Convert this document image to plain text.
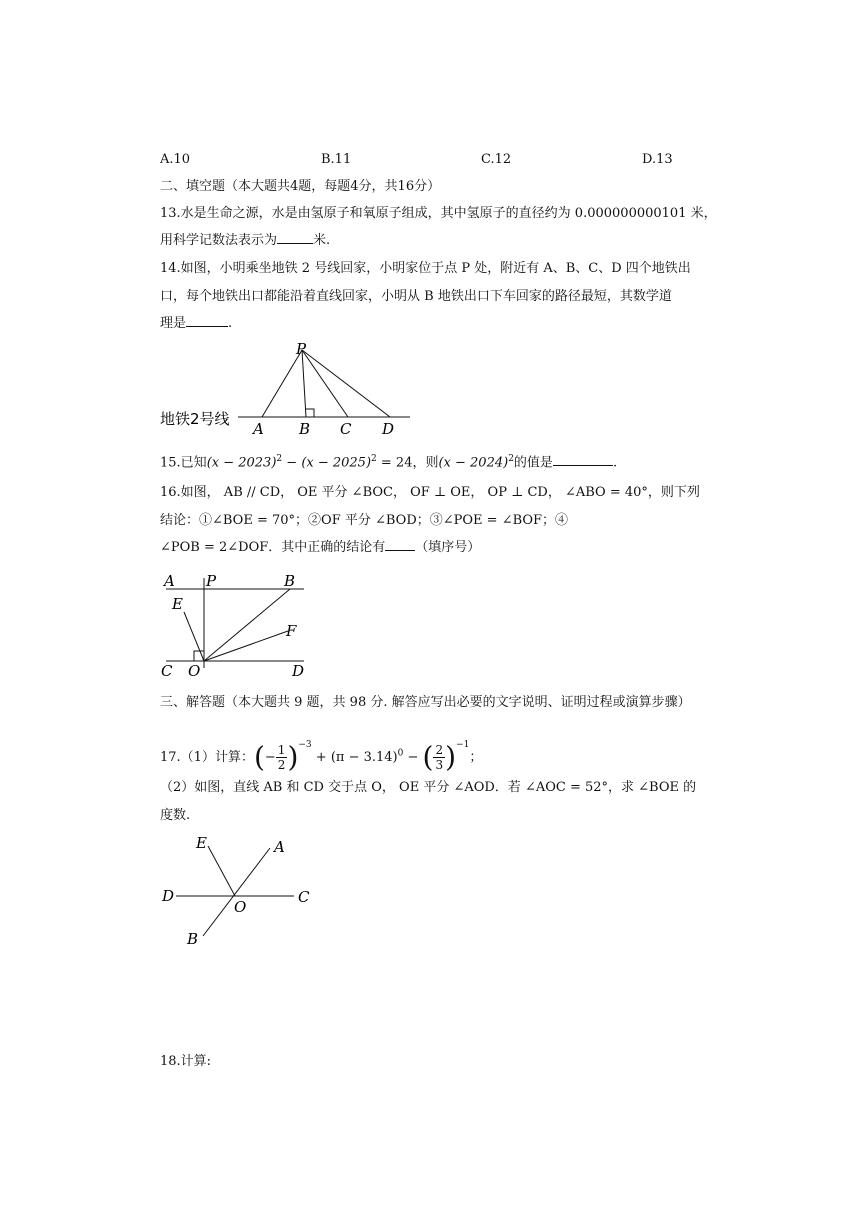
A.10	B.11	C.12	D.13
二、填空题（本大题共4题，每题4分，共16分）
13.水是生命之源，水是由氢原子和氧原子组成，其中氢原子的直径约为 0.000000000101 米，
用科学记数法表示为	米.
14.如图，小明乘坐地铁 2 号线回家，小明家位于点 P 处，附近有 A、B、C、D 四个地铁出
口，每个地铁出口都能沿着直线回家，小明从 B 地铁出口下车回家的路径最短，其数学道
理是	.
地铁2号线
P
A B C D
15.已知$(x - 2023)^2 - (x - 2025)^2 = 24$，则$(x - 2024)^2$的值是	.
16.如图， AB // CD， OE 平分 ∠BOC， OF ⊥ OE， OP ⊥ CD， ∠ABO = 40°，则下列
结论：①∠BOE = 70°；②OF 平分 ∠BOD；③∠POE = ∠BOF；④
∠POB = 2∠DOF．其中正确的结论有 （填序号）
A P	B
E
F
C O	D
三、解答题（本大题共 9 题，共 98 分. 解答应写出必要的文字说明、证明过程或演算步骤）
17.（1）计算：(− $\frac{1}{2} )^{-3} + (\pi - 3.14)^0$ − ( $\frac{2}{3} )^{-1}$；
（2）如图，直线 AB 和 CD 交于点 O， OE 平分 ∠AOD．若 ∠AOC = 52°，求 ∠BOE 的
度数.
E	A
D
O
C
B
18.计算:
